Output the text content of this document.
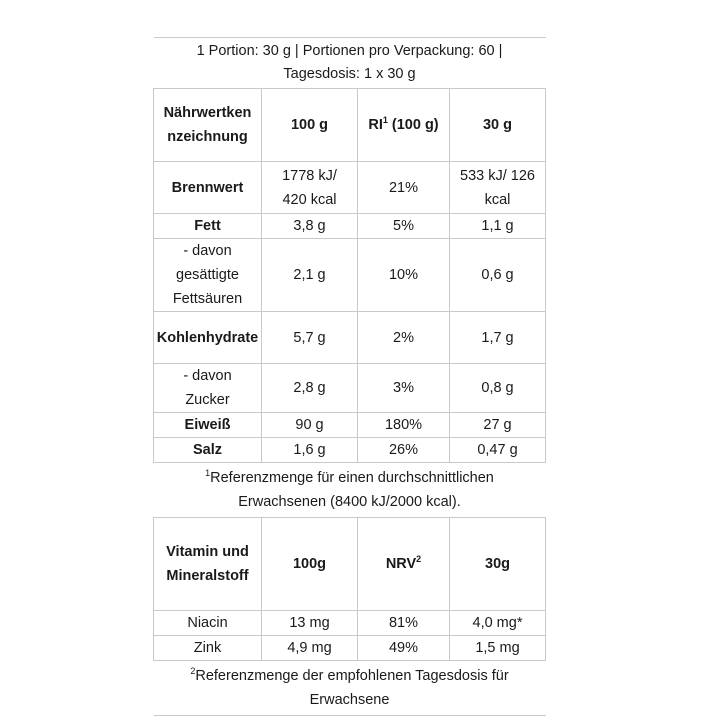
1 Portion: 30 g | Portionen pro Verpackung: 60 | Tagesdosis: 1 x 30 g			
Nährwertkennzeichnung	100 g	$RI^1$ (100 g)	30 g
Brennwert	1778 kJ/ 420 kcal	21%	533 kJ/ 126 kcal
Fett	3,8 g	5%	1,1 g
- davon gesättigte Fettsäuren	2,1 g	10%	0,6 g
Kohlenhydrate	5,7 g	2%	1,7 g
- davon Zucker	2,8 g	3%	0,8 g
Eiweiß	90 g	180%	27 g
Salz	1,6 g	26%	0,47 g
$^1$Referenzmenge für einen durchschnittlichen Erwachsenen (8400 kJ/2000 kcal).			
Vitamin und Mineralstoff	100g	NRV$^2$	30g
Niacin	13 mg	81%	4,0 mg*
Zink	4,9 mg	49%	1,5 mg
$^2$Referenzmenge der empfohlenen Tagesdosis für Erwachsene			
